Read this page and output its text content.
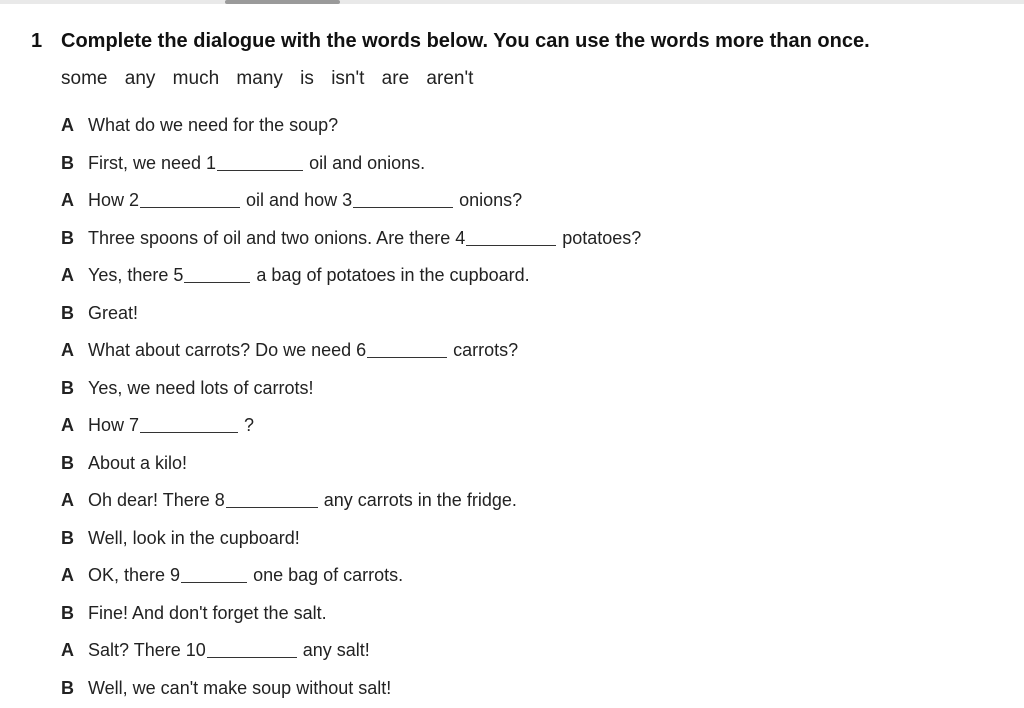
1 Complete the dialogue with the words below. You can use the words more than once.
some any much many is isn't are aren't
A What do we need for the soup?
B First, we need 1	oil and onions.
A How 2	oil and how 3	onions?
B Three spoons of oil and two onions. Are there 4	potatoes?
A Yes, there 5	a bag of potatoes in the cupboard.
B Great!
A What about carrots? Do we need 6	carrots?
B Yes, we need lots of carrots!
A How 7	?
B About a kilo!
A Oh dear! There 8	any carrots in the fridge.
B Well, look in the cupboard!
A OK, there 9	one bag of carrots.
B Fine! And don't forget the salt.
A Salt? There 10	any salt!
B Well, we can't make soup without salt!
